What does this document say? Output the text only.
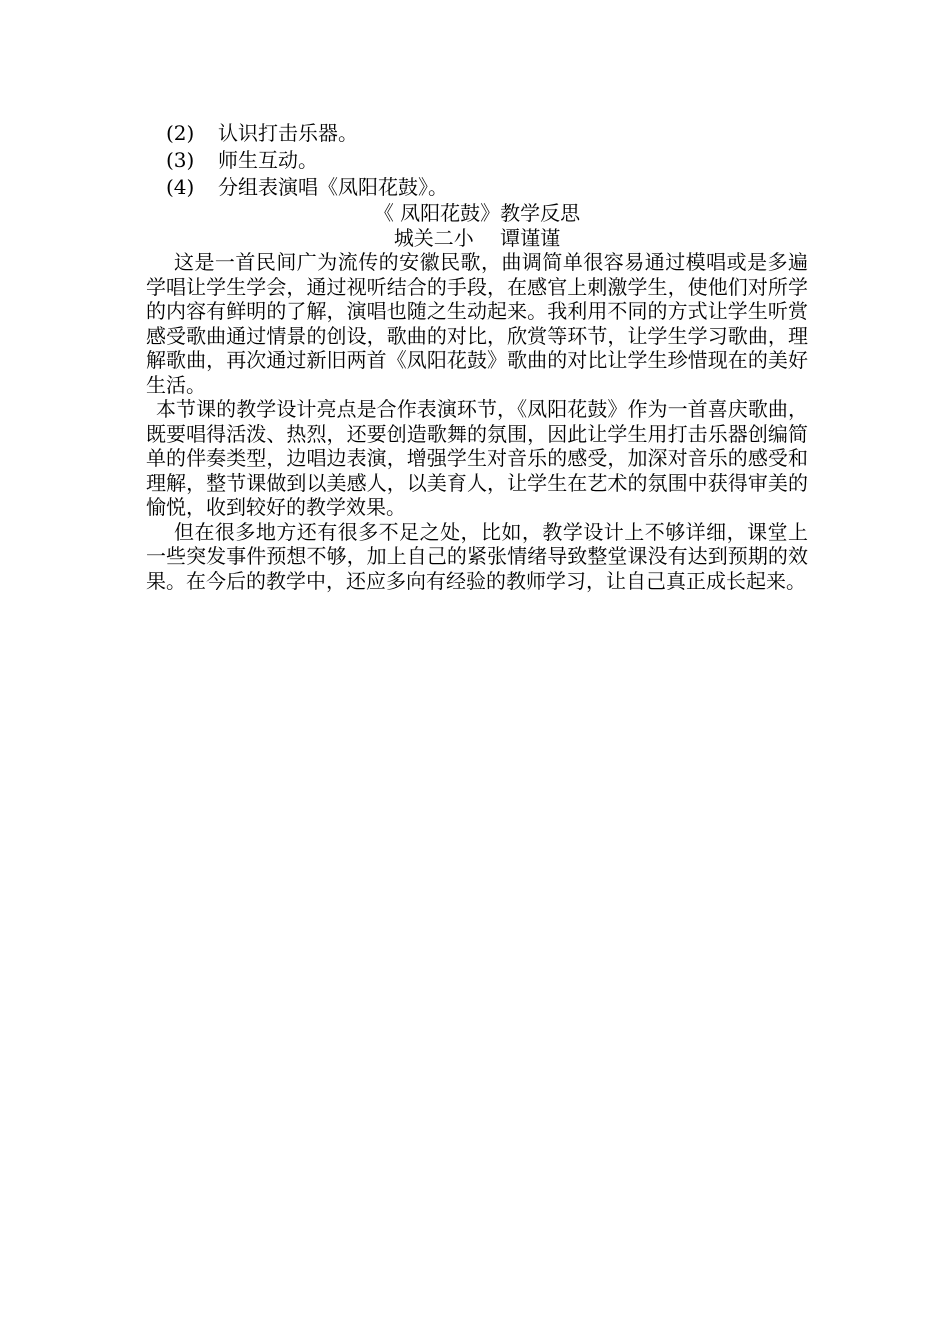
(2) 认识打击乐器。
(3) 师生互动。
(4) 分组表演唱《凤阳花鼓》。
《 凤阳花鼓》教学反思
城关二小　 谭谨谨

这是一首民间广为流传的安徽民歌，曲调简单很容易通过模唱或是多遍学唱让学生学会，通过视听结合的手段，在感官上刺激学生，使他们对所学的内容有鲜明的了解，演唱也随之生动起来。我利用不同的方式让学生听赏感受歌曲通过情景的创设，歌曲的对比，欣赏等环节，让学生学习歌曲，理解歌曲，再次通过新旧两首《凤阳花鼓》歌曲的对比让学生珍惜现在的美好生活。

本节课的教学设计亮点是合作表演环节，《凤阳花鼓》作为一首喜庆歌曲，既要唱得活泼、热烈，还要创造歌舞的氛围，因此让学生用打击乐器创编简单的伴奏类型，边唱边表演，增强学生对音乐的感受，加深对音乐的感受和理解，整节课做到以美感人，以美育人，让学生在艺术的氛围中获得审美的愉悦，收到较好的教学效果。

但在很多地方还有很多不足之处，比如，教学设计上不够详细，课堂上一些突发事件预想不够，加上自己的紧张情绪导致整堂课没有达到预期的效果。在今后的教学中，还应多向有经验的教师学习，让自己真正成长起来。
